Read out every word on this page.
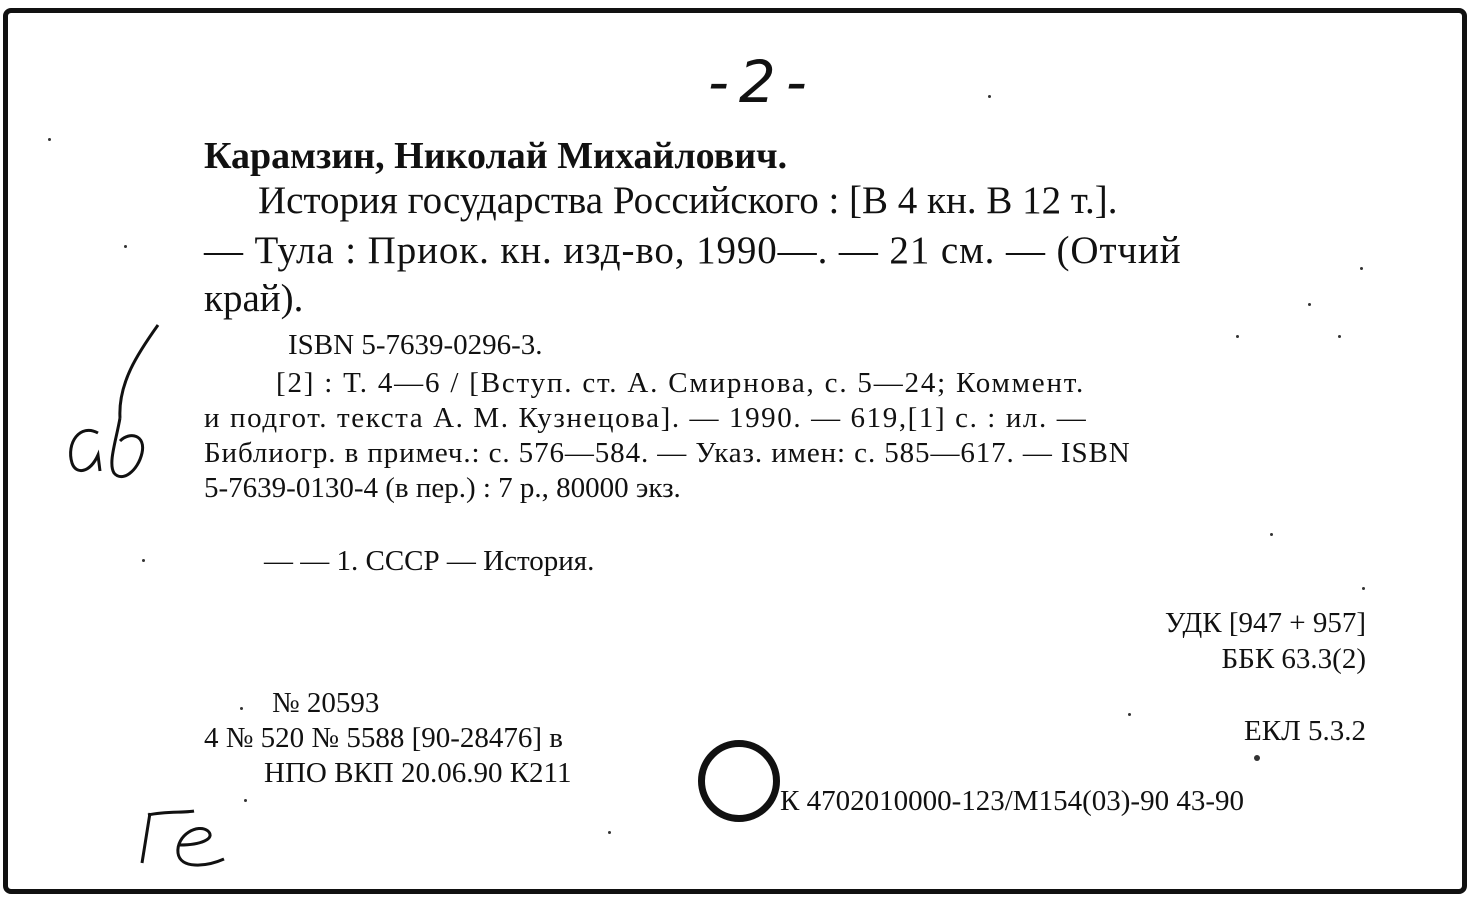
-2-
Карамзин, Николай Михайлович.
История государства Российского : [В 4 кн. В 12 т.].
— Тула : Приок. кн. изд-во, 1990—. — 21 см. — (Отчий
край).
ISBN 5-7639-0296-3.
[2] : Т. 4—6 / [Вступ. ст. А. Смирнова, с. 5—24; Коммент.
и подгот. текста А. М. Кузнецова]. — 1990. — 619,[1] с. : ил. —
Библиогр. в примеч.: с. 576—584. — Указ. имен: с. 585—617. — ISBN
5-7639-0130-4 (в пер.) : 7 р., 80000 экз.
— — 1. СССР — История.
УДК [947 + 957]
ББК 63.3(2)
№ 20593
4 № 520 № 5588 [90-28476] в
НПО ВКП 20.06.90 К211
ЕКЛ 5.3.2
К 4702010000-123/М154(03)-90 43-90
